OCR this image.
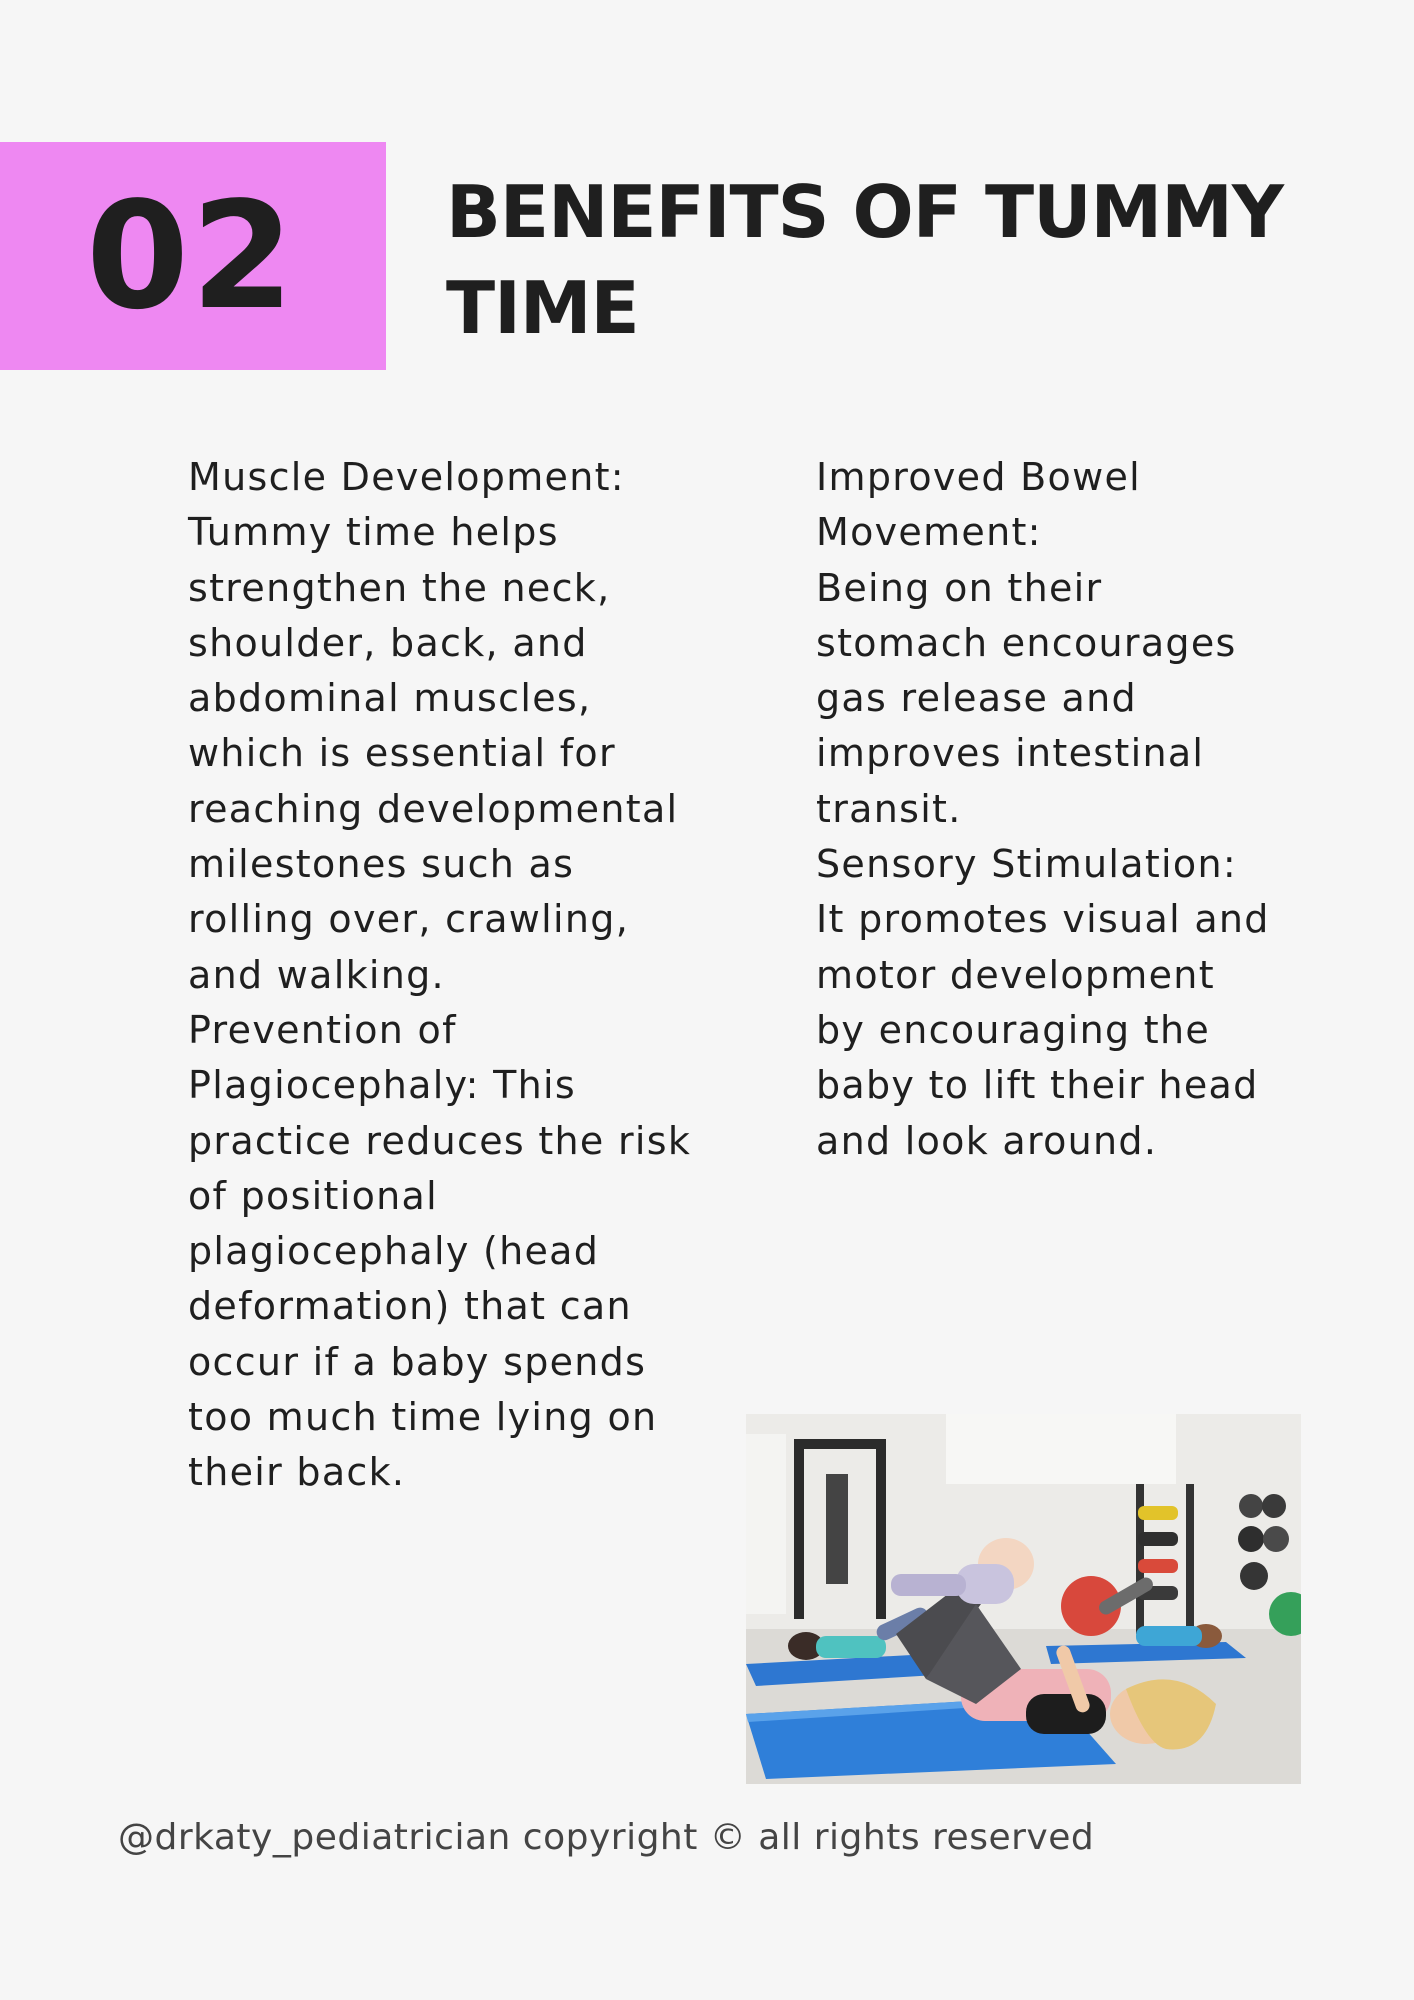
02 BENEFITS OF TUMMY TIME

Muscle Development: Tummy time helps strengthen the neck, shoulder, back, and abdominal muscles, which is essential for reaching developmental milestones such as rolling over, crawling, and walking.

Prevention of Plagiocephaly: This practice reduces the risk of positional plagiocephaly (head deformation) that can occur if a baby spends too much time lying on their back.

Improved Bowel Movement:

Being on their stomach encourages gas release and improves intestinal transit.

Sensory Stimulation: It promotes visual and motor development by encouraging the baby to lift their head and look around.

@drkaty_pediatrician copyright © all rights reserved
